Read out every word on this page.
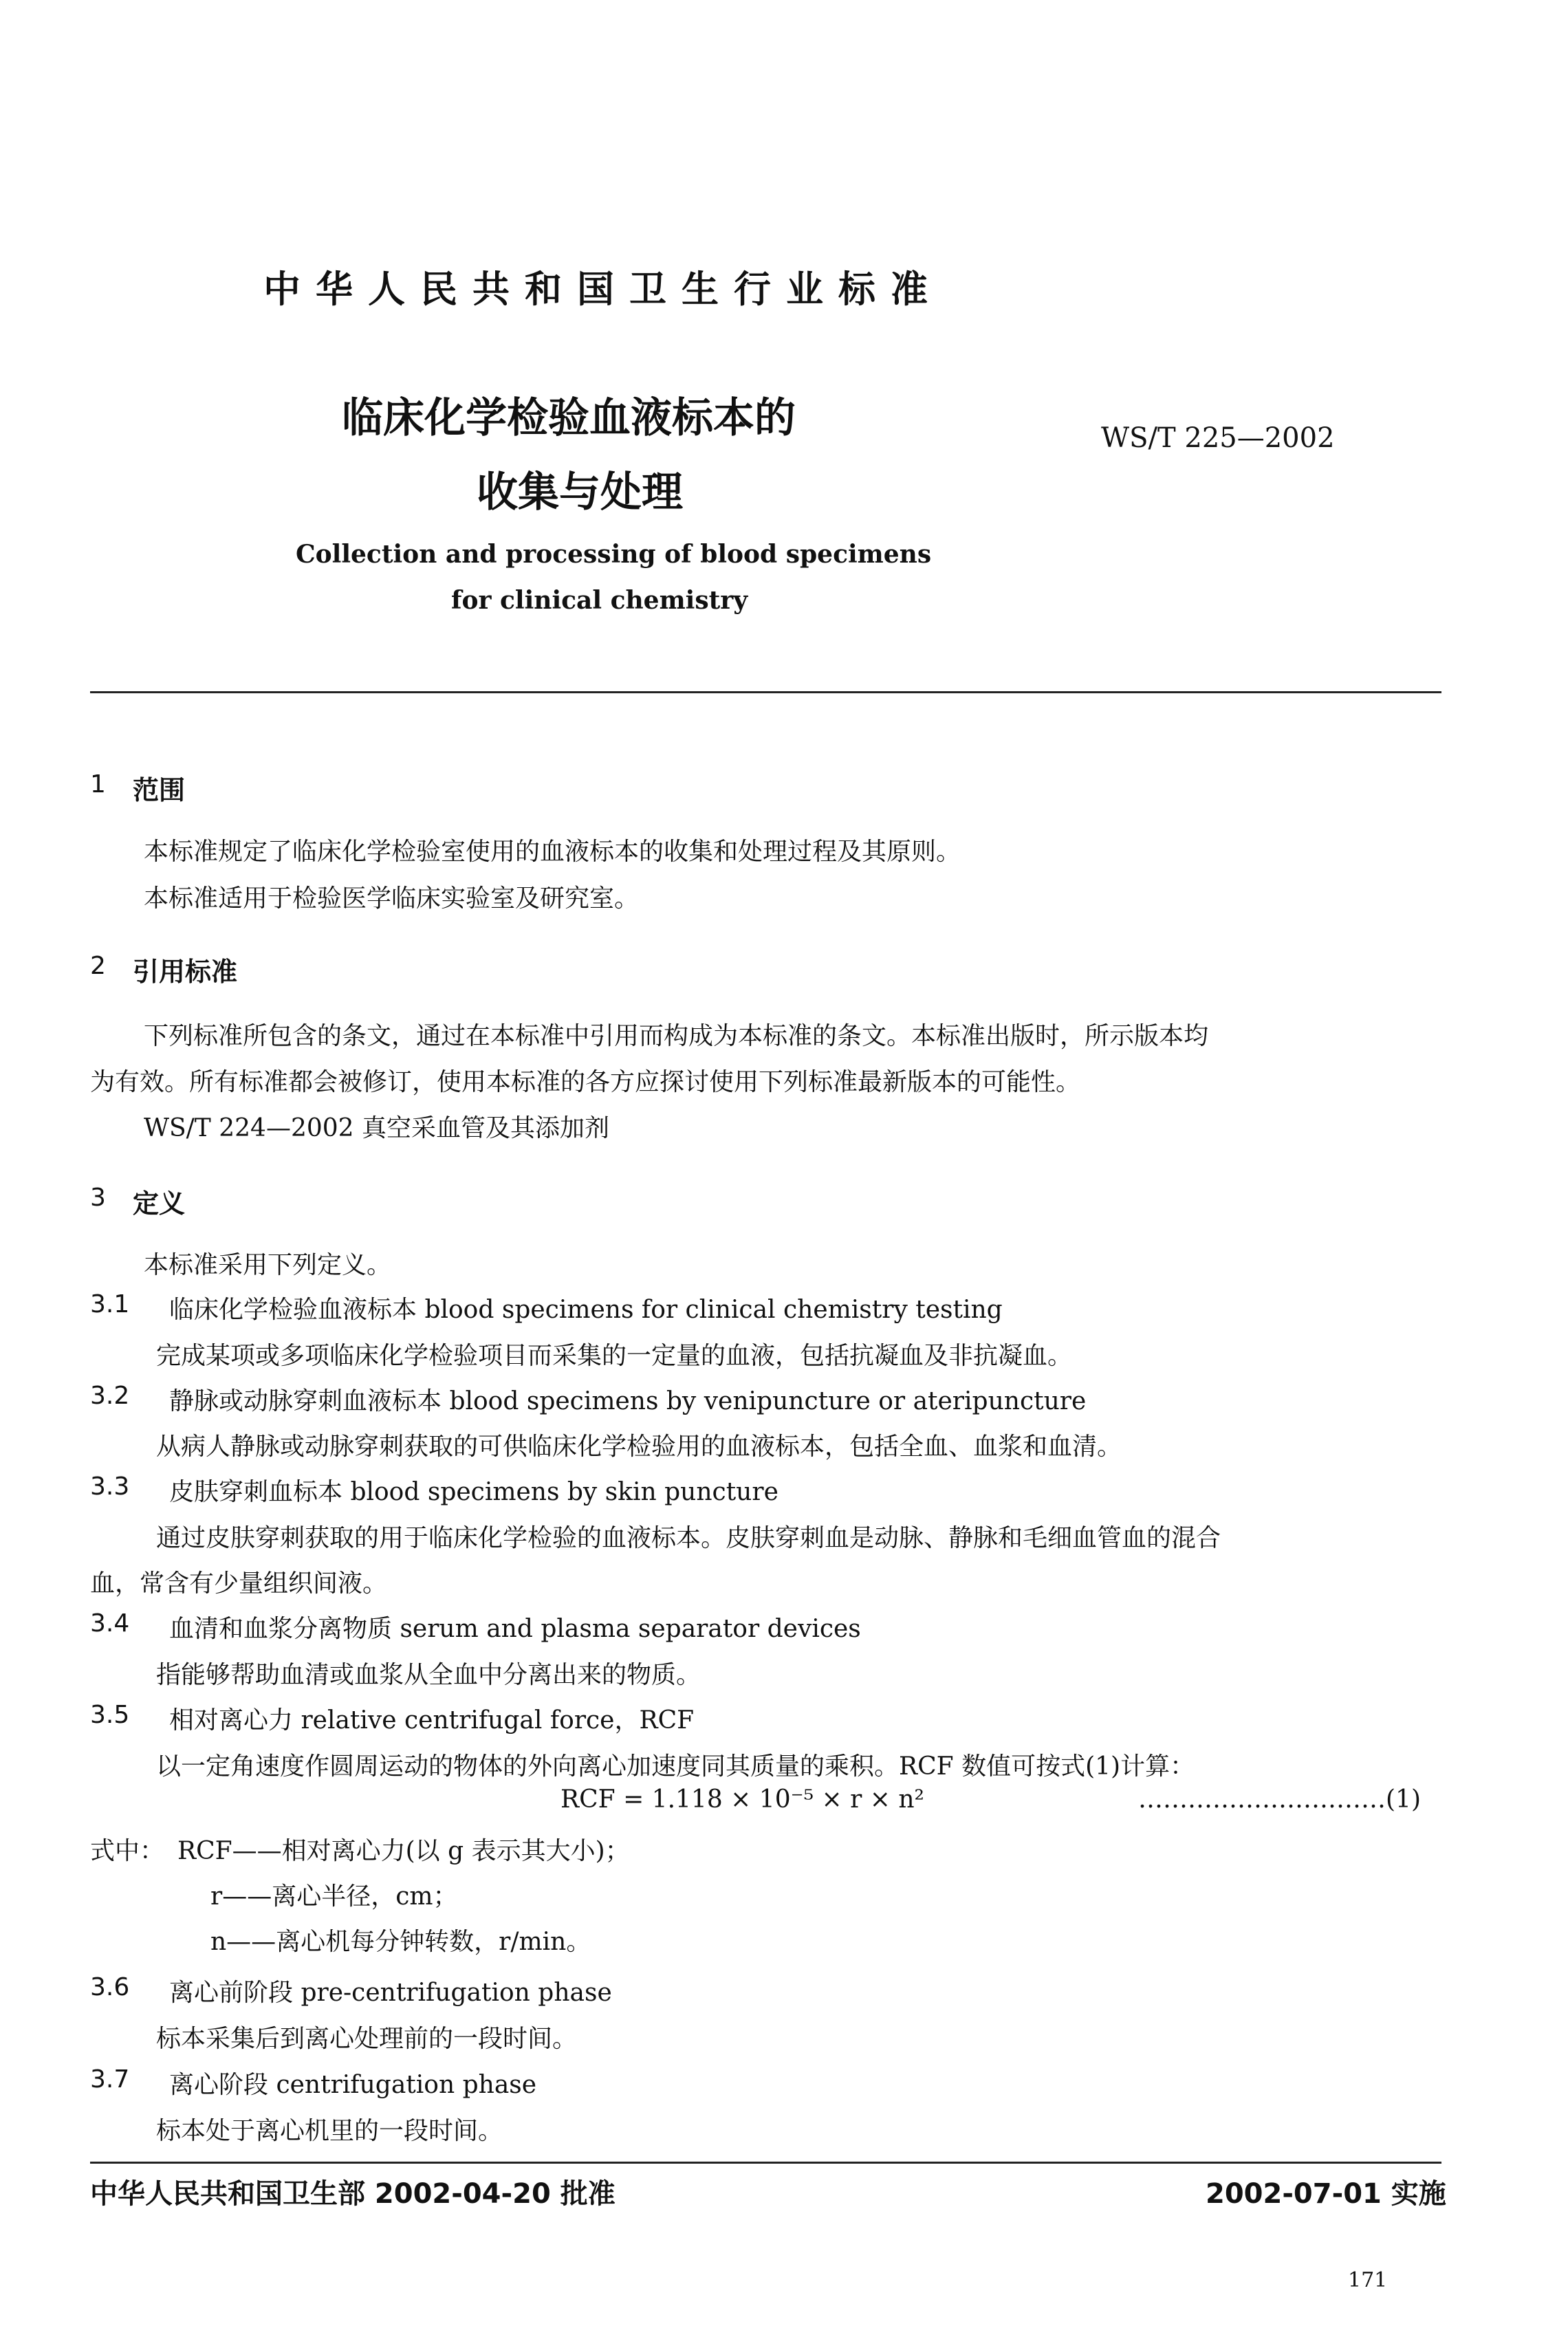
中华人民共和国卫生行业标准
临床化学检验血液标本的
收集与处理
WS/T 225—2002
Collection and processing of blood specimens
for clinical chemistry
1 范围
本标准规定了临床化学检验室使用的血液标本的收集和处理过程及其原则。
本标准适用于检验医学临床实验室及研究室。
2 引用标准
下列标准所包含的条文，通过在本标准中引用而构成为本标准的条文。本标准出版时，所示版本均
为有效。所有标准都会被修订，使用本标准的各方应探讨使用下列标准最新版本的可能性。
WS/T 224—2002 真空采血管及其添加剂
3 定义
本标准采用下列定义。
3.1 临床化学检验血液标本 blood specimens for clinical chemistry testing
完成某项或多项临床化学检验项目而采集的一定量的血液，包括抗凝血及非抗凝血。
3.2 静脉或动脉穿刺血液标本 blood specimens by venipuncture or ateripuncture
从病人静脉或动脉穿刺获取的可供临床化学检验用的血液标本，包括全血、血浆和血清。
3.3 皮肤穿刺血标本 blood specimens by skin puncture
通过皮肤穿刺获取的用于临床化学检验的血液标本。皮肤穿刺血是动脉、静脉和毛细血管血的混合
血，常含有少量组织间液。
3.4 血清和血浆分离物质 serum and plasma separator devices
指能够帮助血清或血浆从全血中分离出来的物质。
3.5 相对离心力 relative centrifugal force，RCF
以一定角速度作圆周运动的物体的外向离心加速度同其质量的乘积。RCF 数值可按式(1)计算：
RCF = 1.118 × 10⁻⁵ × r × n²	…………………………(1)
式中： RCF——相对离心力(以 g 表示其大小)；
r——离心半径，cm；
n——离心机每分钟转数，r/min。
3.6 离心前阶段 pre-centrifugation phase
标本采集后到离心处理前的一段时间。
3.7 离心阶段 centrifugation phase
标本处于离心机里的一段时间。
中华人民共和国卫生部 2002-04-20 批准	2002-07-01 实施
171
